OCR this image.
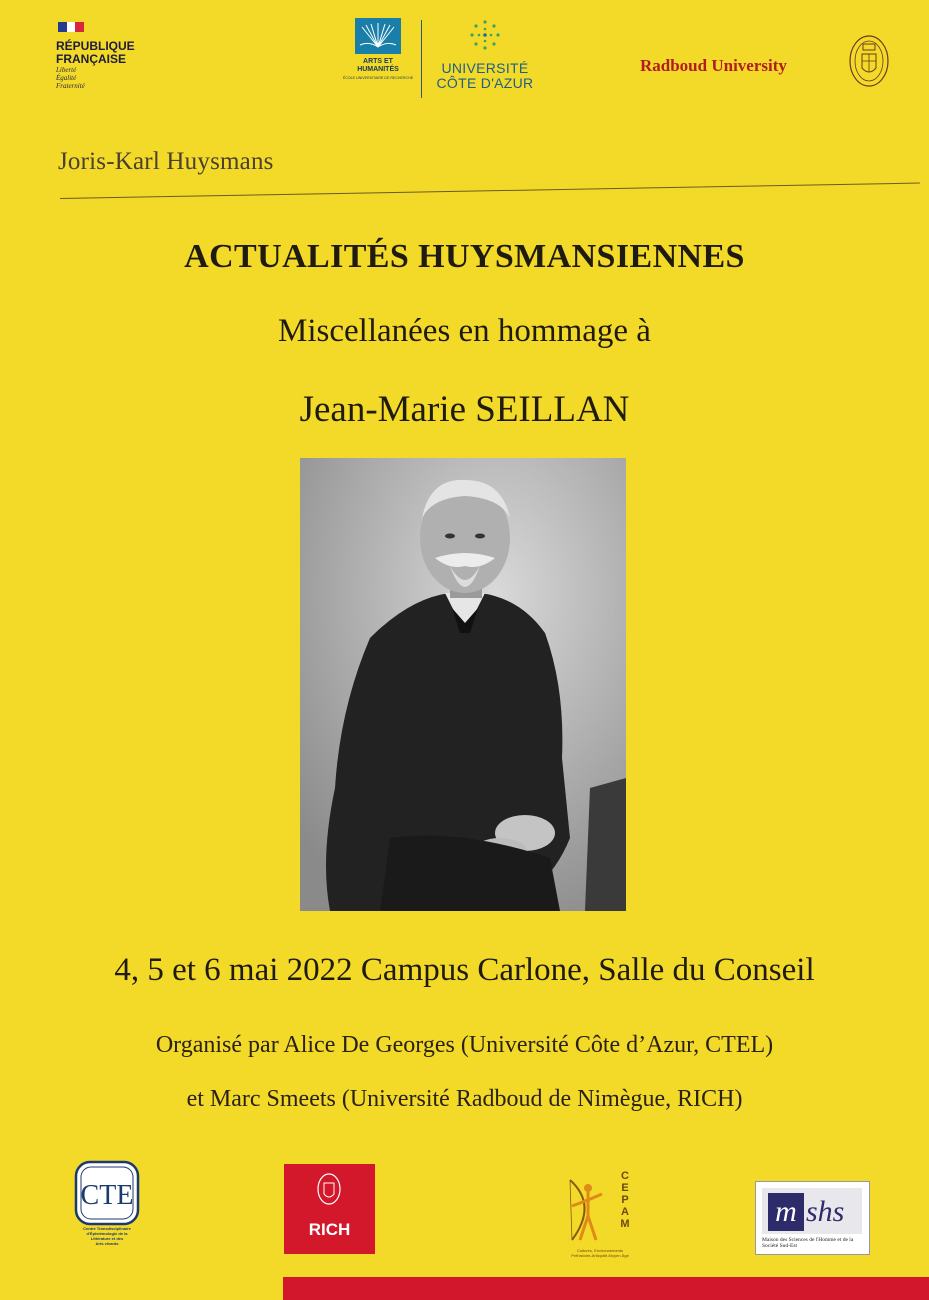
RÉPUBLIQUE
FRANÇAISE
Liberté
Égalité
Fraternité
ARTS ET
HUMANITÉS
ÉCOLE UNIVERSITAIRE DE RECHERCHE
UNIVERSITÉ
CÔTE D'AZUR
Radboud University
Joris-Karl Huysmans
ACTUALITÉS HUYSMANSIENNES
Miscellanées en hommage à
Jean-Marie SEILLAN
4, 5 et 6 mai 2022 Campus Carlone, Salle du Conseil
Organisé par Alice De Georges (Université Côte d’Azur, CTEL)
et Marc Smeets (Université Radboud de Nimègue, RICH)
CTE
Centre Transdisciplinaire
d'Épistémologie de la
Littérature et des
Arts vivants
RICH
C
E
P
A
M
Cultures, Environnements
Préhistoire-Antiquité-Moyen Âge
m shs
Maison des Sciences de l'Homme et de la Société Sud-Est
